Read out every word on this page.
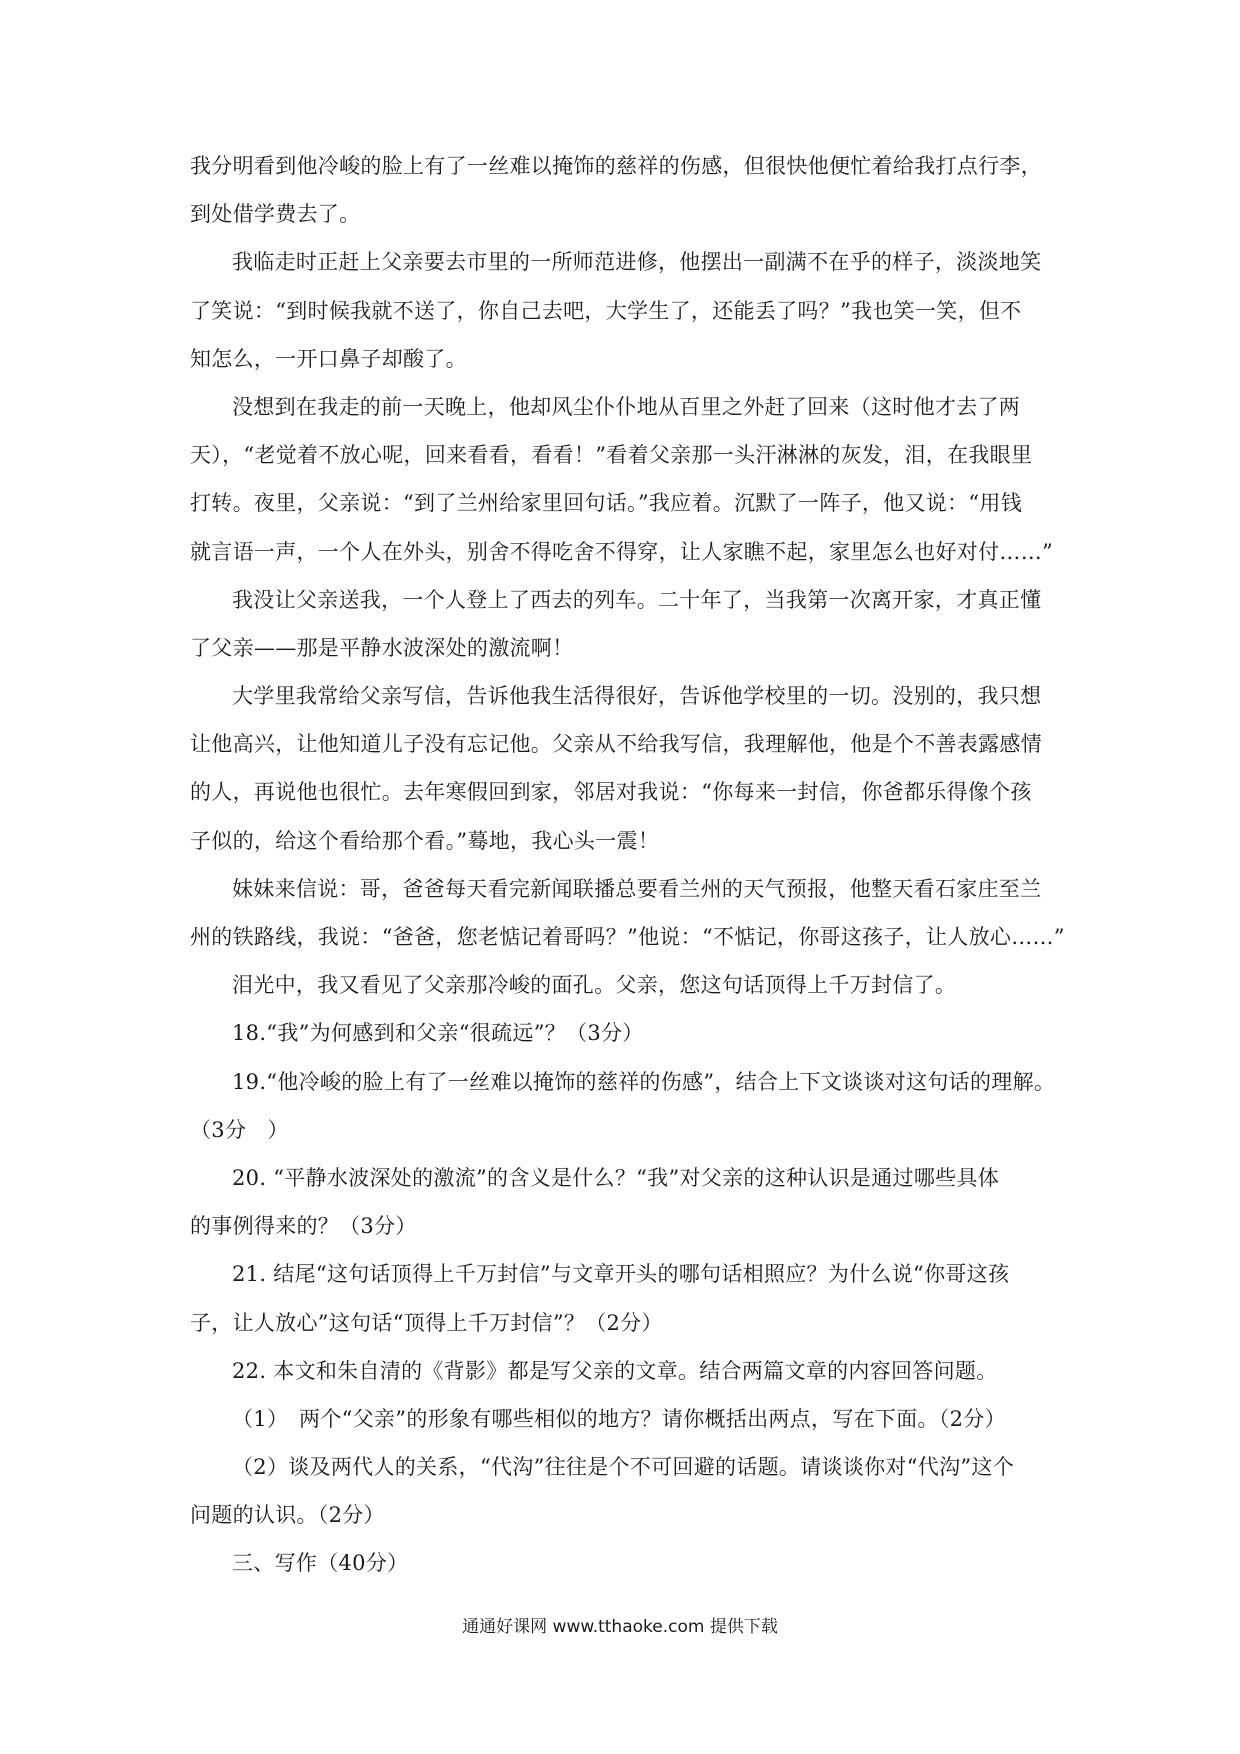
我分明看到他冷峻的脸上有了一丝难以掩饰的慈祥的伤感，但很快他便忙着给我打点行李，
到处借学费去了。
我临走时正赶上父亲要去市里的一所师范进修，他摆出一副满不在乎的样子，淡淡地笑
了笑说：“到时候我就不送了，你自己去吧，大学生了，还能丢了吗？”我也笑一笑，但不
知怎么，一开口鼻子却酸了。
没想到在我走的前一天晚上，他却风尘仆仆地从百里之外赶了回来（这时他才去了两
天），“老觉着不放心呢，回来看看，看看！”看着父亲那一头汗淋淋的灰发，泪，在我眼里
打转。夜里，父亲说：“到了兰州给家里回句话。”我应着。沉默了一阵子，他又说：“用钱
就言语一声，一个人在外头，别舍不得吃舍不得穿，让人家瞧不起，家里怎么也好对付……”
我没让父亲送我，一个人登上了西去的列车。二十年了，当我第一次离开家，才真正懂
了父亲——那是平静水波深处的激流啊！
大学里我常给父亲写信，告诉他我生活得很好，告诉他学校里的一切。没别的，我只想
让他高兴，让他知道儿子没有忘记他。父亲从不给我写信，我理解他，他是个不善表露感情
的人，再说他也很忙。去年寒假回到家，邻居对我说：“你每来一封信，你爸都乐得像个孩
子似的，给这个看给那个看。”蓦地，我心头一震！
妹妹来信说：哥，爸爸每天看完新闻联播总要看兰州的天气预报，他整天看石家庄至兰
州的铁路线，我说：“爸爸，您老惦记着哥吗？”他说：“不惦记，你哥这孩子，让人放心……”
泪光中，我又看见了父亲那冷峻的面孔。父亲，您这句话顶得上千万封信了。
18.“我”为何感到和父亲“很疏远”？（3分）
19.“他冷峻的脸上有了一丝难以掩饰的慈祥的伤感”，结合上下文谈谈对这句话的理解。
（3分　）
20. “平静水波深处的激流”的含义是什么？“我”对父亲的这种认识是通过哪些具体
的事例得来的？（3分）
21. 结尾“这句话顶得上千万封信”与文章开头的哪句话相照应？为什么说“你哥这孩
子，让人放心”这句话“顶得上千万封信”？（2分）
22. 本文和朱自清的《背影》都是写父亲的文章。结合两篇文章的内容回答问题。
（1）　两个“父亲”的形象有哪些相似的地方？请你概括出两点，写在下面。（2分）
（2）谈及两代人的关系，“代沟”往往是个不可回避的话题。请谈谈你对“代沟”这个
问题的认识。（2分）
三、写作（40分）
通通好课网 www.tthaoke.com 提供下载
